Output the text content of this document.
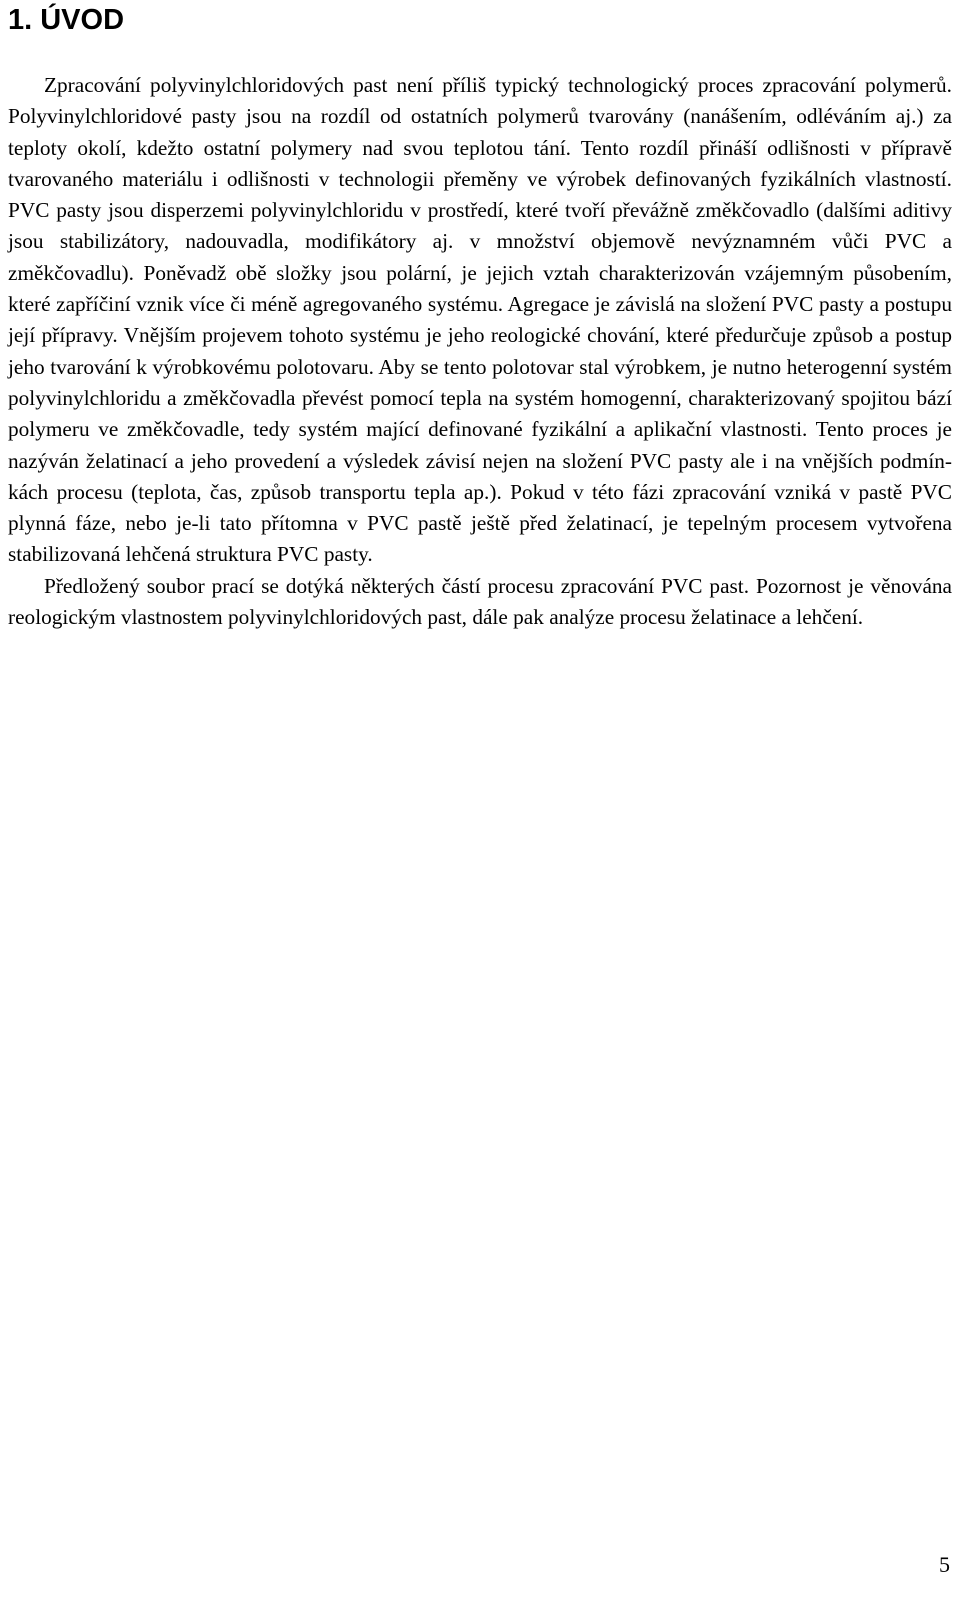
1. ÚVOD

Zpracování polyvinylchloridových past není příliš typický technologický proces zpracování polymerů. Polyvinylchloridové pasty jsou na rozdíl od ostatních polymerů tvarovány (nanášením, odléváním aj.) za teploty okolí, kdežto ostatní polymery nad svou teplotou tání. Tento rozdíl přináší odlišnosti v přípravě tvarovaného materiálu i odlišnosti v technologii přeměny ve výrobek definovaných fyzikálních vlastností. PVC pasty jsou disperzemi polyvinylchloridu v prostředí, které tvoří převážně změkčovadlo (dalšími aditivy jsou stabilizátory, nadouvadla, modifikátory aj. v množství objemově nevýznamném vůči PVC a změkčovadlu). Poněvadž obě složky jsou polární, je jejich vztah charakterizován vzájemným působením, které zapříčiní vznik více či méně agregovaného systému. Agregace je závislá na složení PVC pasty a postupu její přípravy. Vnějším projevem tohoto systému je jeho reologické chování, které předurčuje způsob a postup jeho tvarování k výrobkovému polotovaru. Aby se tento polotovar stal výrobkem, je nutno heterogenní systém polyvinylchloridu a změkčovadla převést pomocí tepla na systém homogenní, charakterizovaný spojitou bází polymeru ve změkčovadle, tedy systém mající definované fyzikální a aplikační vlastnosti. Tento proces je nazýván želatinací a jeho provedení a výsledek závisí nejen na složení PVC pasty ale i na vnějších podmínkách procesu (teplota, čas, způsob transportu tepla ap.). Pokud v této fázi zpracování vzniká v pastě PVC plynná fáze, nebo je-li tato přítomna v PVC pastě ještě před želatinací, je tepelným procesem vytvořena stabilizovaná lehčená struktura PVC pasty.

Předložený soubor prací se dotýká některých částí procesu zpracování PVC past. Pozornost je věnována reologickým vlastnostem polyvinylchloridových past, dále pak analýze procesu želatinace a lehčení.

5
